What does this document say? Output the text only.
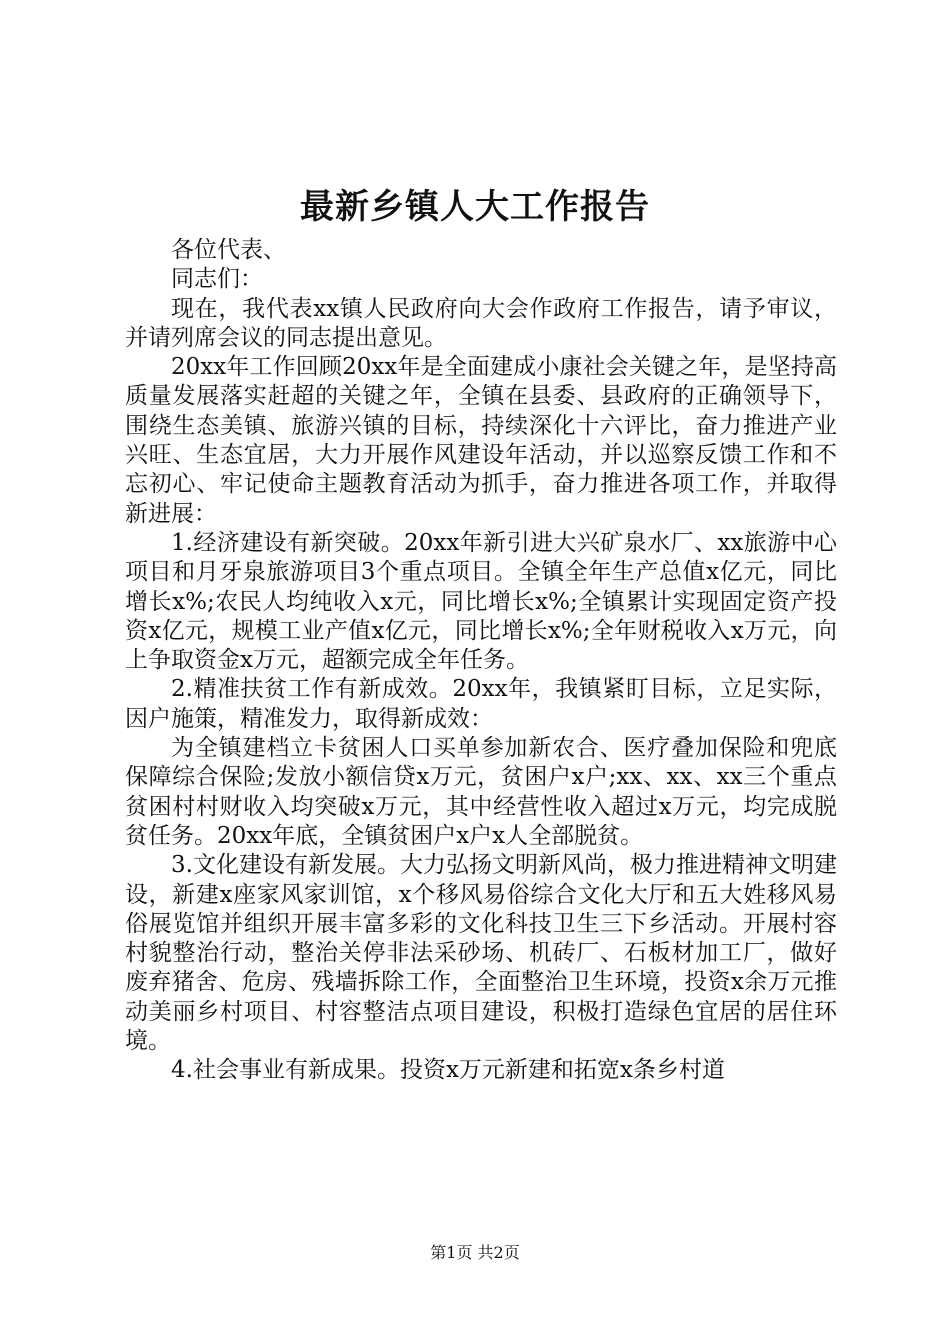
最新乡镇人大工作报告

各位代表、

同志们：

现在，我代表xx镇人民政府向大会作政府工作报告，请予审议，并请列席会议的同志提出意见。

20xx年工作回顾20xx年是全面建成小康社会关键之年，是坚持高质量发展落实赶超的关键之年，全镇在县委、县政府的正确领导下，围绕生态美镇、旅游兴镇的目标，持续深化十六评比，奋力推进产业兴旺、生态宜居，大力开展作风建设年活动，并以巡察反馈工作和不忘初心、牢记使命主题教育活动为抓手，奋力推进各项工作，并取得新进展：

1.经济建设有新突破。20xx年新引进大兴矿泉水厂、xx旅游中心项目和月牙泉旅游项目3个重点项目。全镇全年生产总值x亿元，同比增长x%;农民人均纯收入x元，同比增长x%;全镇累计实现固定资产投资x亿元，规模工业产值x亿元，同比增长x%;全年财税收入x万元，向上争取资金x万元，超额完成全年任务。

2.精准扶贫工作有新成效。20xx年，我镇紧盯目标，立足实际，因户施策，精准发力，取得新成效：

为全镇建档立卡贫困人口买单参加新农合、医疗叠加保险和兜底保障综合保险;发放小额信贷x万元，贫困户x户;xx、xx、xx三个重点贫困村村财收入均突破x万元，其中经营性收入超过x万元，均完成脱贫任务。20xx年底，全镇贫困户x户x人全部脱贫。

3.文化建设有新发展。大力弘扬文明新风尚，极力推进精神文明建设，新建x座家风家训馆，x个移风易俗综合文化大厅和五大姓移风易俗展览馆并组织开展丰富多彩的文化科技卫生三下乡活动。开展村容村貌整治行动，整治关停非法采砂场、机砖厂、石板材加工厂，做好废弃猪舍、危房、残墙拆除工作，全面整治卫生环境，投资x余万元推动美丽乡村项目、村容整洁点项目建设，积极打造绿色宜居的居住环境。

4.社会事业有新成果。投资x万元新建和拓宽x条乡村道

第1页 共2页
